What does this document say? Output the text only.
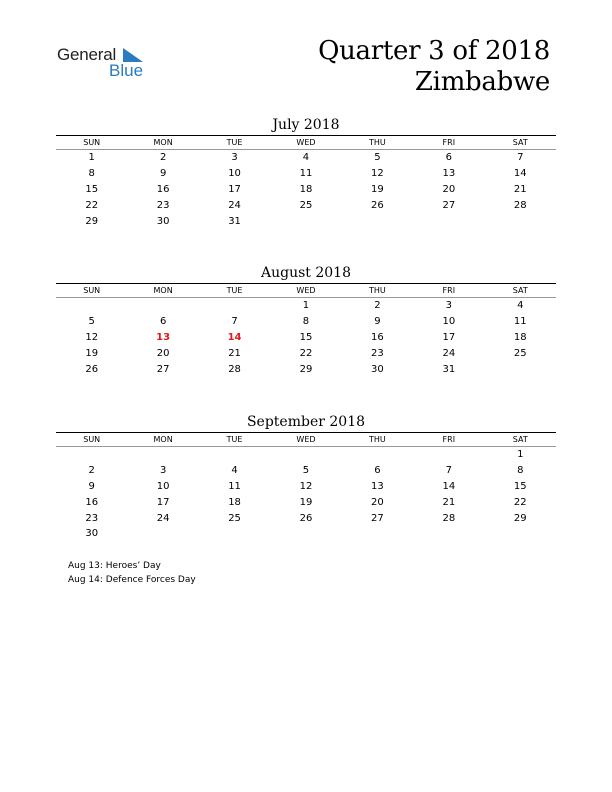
General
Blue
Quarter 3 of 2018
Zimbabwe
July 2018
SUN	MON	TUE	WED	THU	FRI	SAT
1	2	3	4	5	6	7
8	9	10	11	12	13	14
15	16	17	18	19	20	21
22	23	24	25	26	27	28
29	30	31				
August 2018
SUN	MON	TUE	WED	THU	FRI	SAT
			1	2	3	4
5	6	7	8	9	10	11
12	13	14	15	16	17	18
19	20	21	22	23	24	25
26	27	28	29	30	31	
September 2018
SUN	MON	TUE	WED	THU	FRI	SAT
						1
2	3	4	5	6	7	8
9	10	11	12	13	14	15
16	17	18	19	20	21	22
23	24	25	26	27	28	29
30						
Aug 13: Heroes’ Day
Aug 14: Defence Forces Day
